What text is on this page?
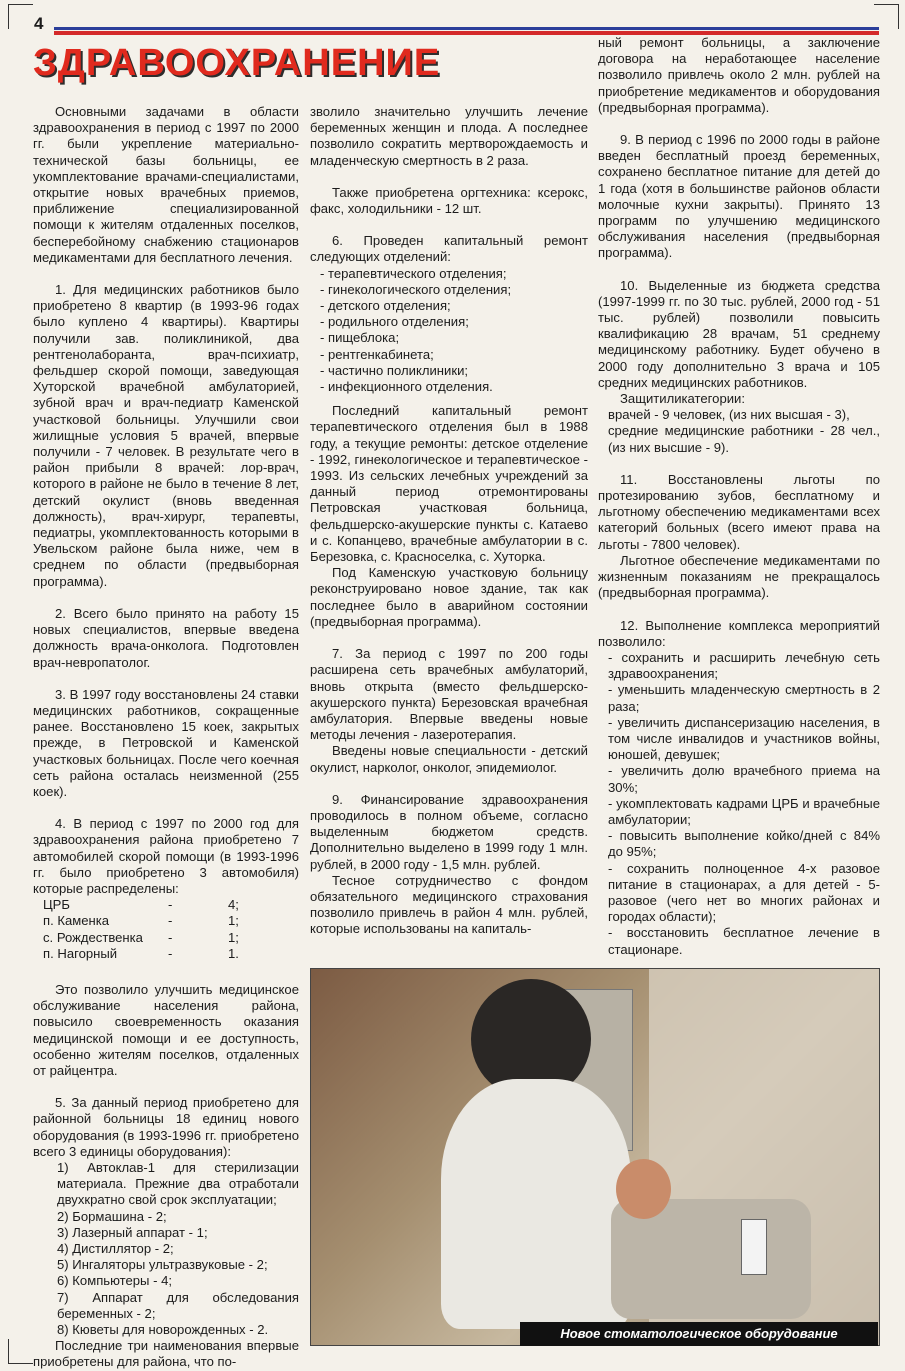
4
ЗДРАВООХРАНЕНИЕ

Основными задачами в области здравоохранения в период с 1997 по 2000 гг. были укрепление материально-технической базы больницы, ее укомплектование врачами-специалистами, открытие новых врачебных приемов, приближение специализированной помощи к жителям отдаленных поселков, бесперебойному снабжению стационаров медикаментами для бесплатного лечения.

1. Для медицинских работников было приобретено 8 квартир (в 1993-96 годах было куплено 4 квартиры). Квартиры получили зав. поликлиникой, два рентгенолаборанта, врач-психиатр, фельдшер скорой помощи, заведующая Хуторской врачебной амбулаторией, зубной врач и врач-педиатр Каменской участковой больницы. Улучшили свои жилищные условия 5 врачей, впервые получили - 7 человек. В результате чего в район прибыли 8 врачей: лор-врач, которого в районе не было в течение 8 лет, детский окулист (вновь введенная должность), врач-хирург, терапевты, педиатры, укомплектованность которыми в Увельском районе была ниже, чем в среднем по области (предвыборная программа).

2. Всего было принято на работу 15 новых специалистов, впервые введена должность врача-онколога. Подготовлен врач-невропатолог.

3. В 1997 году восстановлены 24 ставки медицинских работников, сокращенные ранее. Восстановлено 15 коек, закрытых прежде, в Петровской и Каменской участковых больницах. После чего коечная сеть района осталась неизменной (255 коек).

4. В период с 1997 по 2000 год для здравоохранения района приобретено 7 автомобилей скорой помощи (в 1993-1996 гг. было приобретено 3 автомобиля) которые распределены:

ЦРБ	-	4;
п. Каменка	-	1;
с. Рождественка	-	1;
п. Нагорный	-	1.

Это позволило улучшить медицинское обслуживание населения района, повысило своевременность оказания медицинской помощи и ее доступность, особенно жителям поселков, отдаленных от райцентра.

5. За данный период приобретено для районной больницы 18 единиц нового оборудования (в 1993-1996 гг. приобретено всего 3 единицы оборудования):

1) Автоклав-1 для стерилизации материала. Прежние два отработали двухкратно свой срок эксплуатации;
2) Бормашина - 2;
3) Лазерный аппарат - 1;
4) Дистиллятор - 2;
5) Ингаляторы ультразвуковые - 2;
6) Компьютеры - 4;
7) Аппарат для обследования беременных - 2;
8) Кюветы для новорожденных - 2.

Последние три наименования впервые приобретены для района, что по-

зволило значительно улучшить лечение беременных женщин и плода. А последнее позволило сократить мертворождаемость и младенческую смертность в 2 раза.

Также приобретена оргтехника: ксерокс, факс, холодильники - 12 шт.

6. Проведен капитальный ремонт следующих отделений:

- терапевтического отделения;
- гинекологического отделения;
- детского отделения;
- родильного отделения;
- пищеблока;
- рентгенкабинета;
- частично поликлиники;
- инфекционного отделения.

Последний капитальный ремонт терапевтического отделения был в 1988 году, а текущие ремонты: детское отделение - 1992, гинекологическое и терапевтическое - 1993. Из сельских лечебных учреждений за данный период отремонтированы Петровская участковая больница, фельдшерско-акушерские пункты с. Катаево и с. Копанцево, врачебные амбулатории в с. Березовка, с. Красноселка, с. Хуторка.

Под Каменскую участковую больницу реконструировано новое здание, так как последнее было в аварийном состоянии (предвыборная программа).

7. За период с 1997 по 200 годы расширена сеть врачебных амбулаторий, вновь открыта (вместо фельдшерско-акушерского пункта) Березовская врачебная амбулатория. Впервые введены новые методы лечения - лазеротерапия.

Введены новые специальности - детский окулист, нарколог, онколог, эпидемиолог.

9. Финансирование здравоохранения проводилось в полном объеме, согласно выделенным бюджетом средств. Дополнительно выделено в 1999 году 1 млн. рублей, в 2000 году - 1,5 млн. рублей.

Тесное сотрудничество с фондом обязательного медицинского страхования позволило привлечь в район 4 млн. рублей, которые использованы на капиталь-

ный ремонт больницы, а заключение договора на неработающее население позволило привлечь около 2 млн. рублей на приобретение медикаментов и оборудования (предвыборная программа).

9. В период с 1996 по 2000 годы в районе введен бесплатный проезд беременных, сохранено бесплатное питание для детей до 1 года (хотя в большинстве районов области молочные кухни закрыты). Принято 13 программ по улучшению медицинского обслуживания населения (предвыборная программа).

10. Выделенные из бюджета средства (1997-1999 гг. по 30 тыс. рублей, 2000 год - 51 тыс. рублей) позволили повысить квалификацию 28 врачам, 51 среднему медицинскому работнику. Будет обучено в 2000 году дополнительно 3 врача и 105 средних медицинских работников.

Защитиликатегории:

врачей - 9 человек, (из них высшая - 3),
средние медицинские работники - 28 чел., (из них высшие - 9).

11. Восстановлены льготы по протезированию зубов, бесплатному и льготному обеспечению медикаментами всех категорий больных (всего имеют права на льготы - 7800 человек).

Льготное обеспечение медикаментами по жизненным показаниям не прекращалось (предвыборная программа).

12. Выполнение комплекса мероприятий позволило:

- сохранить и расширить лечебную сеть здравоохранения;
- уменьшить младенческую смертность в 2 раза;
- увеличить диспансеризацию населения, в том числе инвалидов и участников войны, юношей, девушек;
- увеличить долю врачебного приема на 30%;
- укомплектовать кадрами ЦРБ и врачебные амбулатории;
- повысить выполнение койко/дней с 84% до 95%;
- сохранить полноценное 4-х разовое питание в стационарах, а для детей - 5-разовое (чего нет во многих районах и городах области);
- восстановить бесплатное лечение в стационаре.
Новое стоматологическое оборудование
